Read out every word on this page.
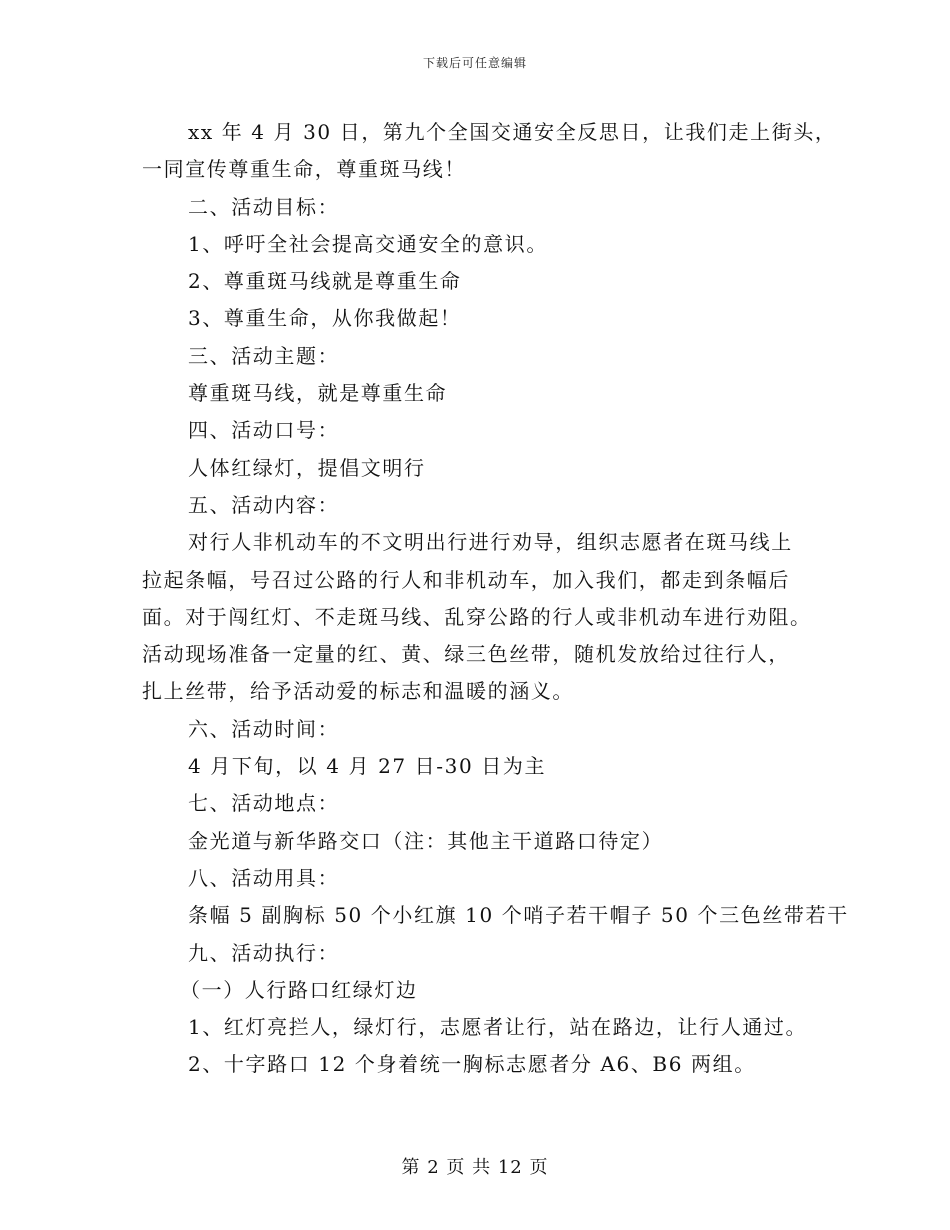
下载后可任意编辑
xx 年 4 月 30 日，第九个全国交通安全反思日，让我们走上街头，
一同宣传尊重生命，尊重斑马线！
二、活动目标：
1、呼吁全社会提高交通安全的意识。
2、尊重斑马线就是尊重生命
3、尊重生命，从你我做起！
三、活动主题：
尊重斑马线，就是尊重生命
四、活动口号：
人体红绿灯，提倡文明行
五、活动内容：
对行人非机动车的不文明出行进行劝导，组织志愿者在斑马线上
拉起条幅，号召过公路的行人和非机动车，加入我们，都走到条幅后
面。对于闯红灯、不走斑马线、乱穿公路的行人或非机动车进行劝阻。
活动现场准备一定量的红、黄、绿三色丝带，随机发放给过往行人，
扎上丝带，给予活动爱的标志和温暖的涵义。
六、活动时间：
4 月下旬，以 4 月 27 日-30 日为主
七、活动地点：
金光道与新华路交口（注：其他主干道路口待定）
八、活动用具：
条幅 5 副胸标 50 个小红旗 10 个哨子若干帽子 50 个三色丝带若干
九、活动执行：
（一）人行路口红绿灯边
1、红灯亮拦人，绿灯行，志愿者让行，站在路边，让行人通过。
2、十字路口 12 个身着统一胸标志愿者分 A6、B6 两组。
第 2 页 共 12 页
